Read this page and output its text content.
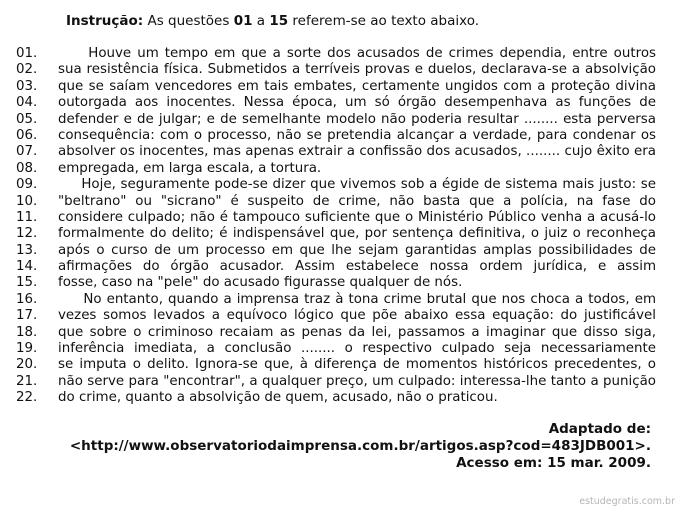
Instrução: As questões 01 a 15 referem-se ao texto abaixo.
01.	Houve um tempo em que a sorte dos acusados de crimes dependia, entre outros
02.	sua resistência física. Submetidos a terríveis provas e duelos, declarava-se a absolvição
03.	que se saíam vencedores em tais embates, certamente ungidos com a proteção divina
04.	outorgada aos inocentes. Nessa época, um só órgão desempenhava as funções de
05.	defender e de julgar; e de semelhante modelo não poderia resultar ........ esta perversa
06.	consequência: com o processo, não se pretendia alcançar a verdade, para condenar os
07.	absolver os inocentes, mas apenas extrair a confissão dos acusados, ........ cujo êxito era
08.	empregada, em larga escala, a tortura.
09.	Hoje, seguramente pode-se dizer que vivemos sob a égide de sistema mais justo: se
10.	"beltrano" ou "sicrano" é suspeito de crime, não basta que a polícia, na fase do
11.	considere culpado; não é tampouco suficiente que o Ministério Público venha a acusá-lo
12.	formalmente do delito; é indispensável que, por sentença definitiva, o juiz o reconheça
13.	após o curso de um processo em que lhe sejam garantidas amplas possibilidades de
14.	afirmações do órgão acusador. Assim estabelece nossa ordem jurídica, e assim
15.	fosse, caso na "pele" do acusado figurasse qualquer de nós.
16.	No entanto, quando a imprensa traz à tona crime brutal que nos choca a todos, em
17.	vezes somos levados a equívoco lógico que põe abaixo essa equação: do justificável
18.	que sobre o criminoso recaiam as penas da lei, passamos a imaginar que disso siga,
19.	inferência imediata, a conclusão ........ o respectivo culpado seja necessariamente
20.	se imputa o delito. Ignora-se que, à diferença de momentos históricos precedentes, o
21.	não serve para "encontrar", a qualquer preço, um culpado: interessa-lhe tanto a punição
22.	do crime, quanto a absolvição de quem, acusado, não o praticou.
Adaptado de:
<http://www.observatoriodaimprensa.com.br/artigos.asp?cod=483JDB001>.
Acesso em: 15 mar. 2009.
estudegratis.com.br
